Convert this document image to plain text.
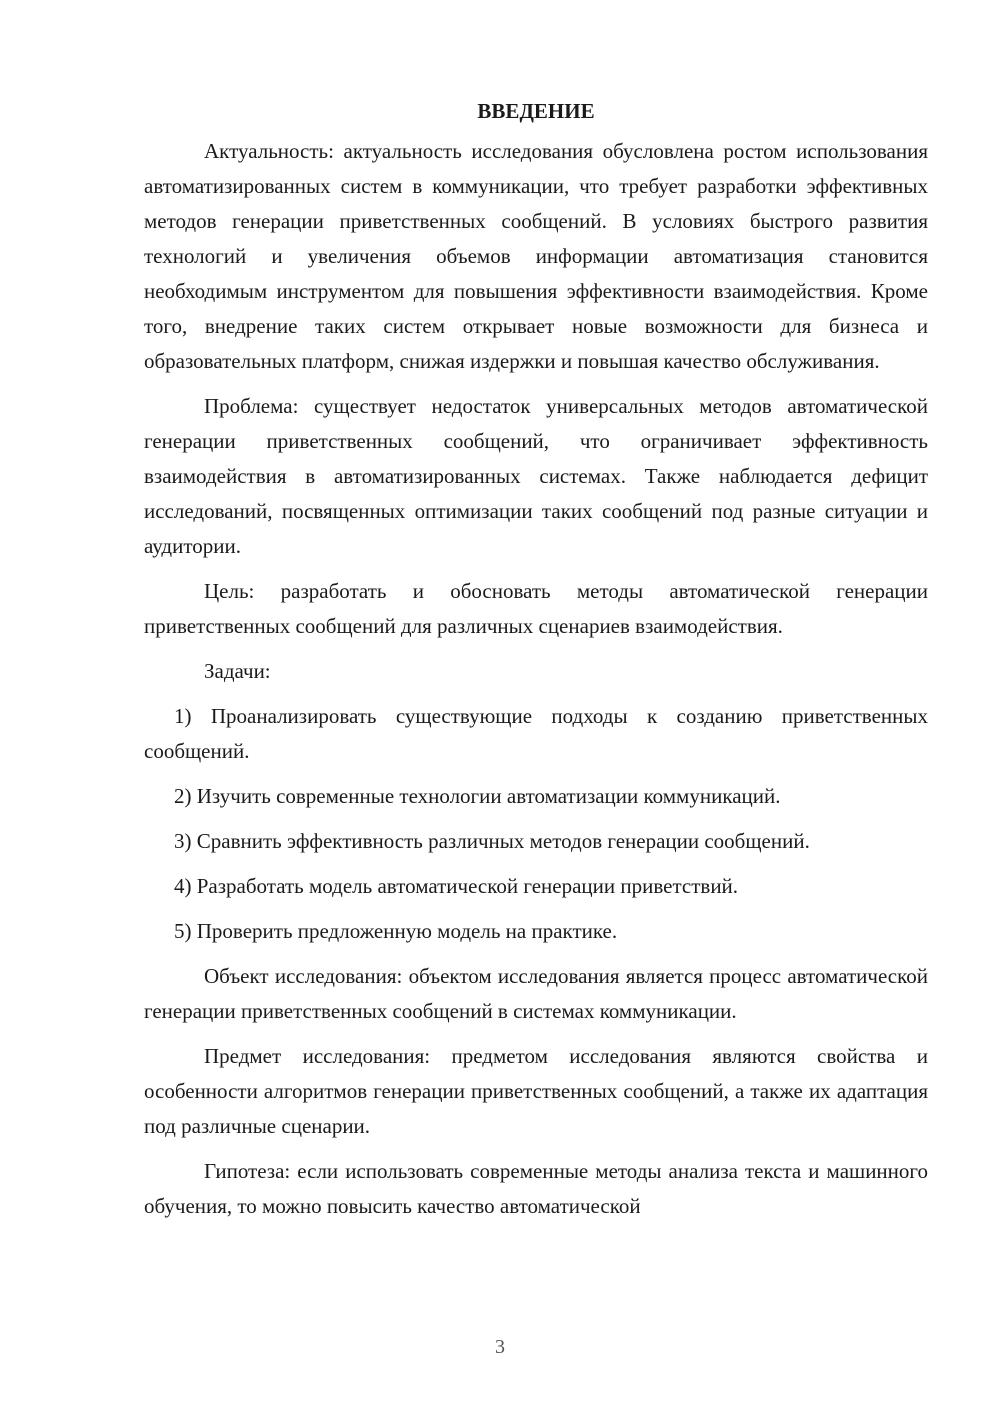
ВВЕДЕНИЕ

Актуальность: актуальность исследования обусловлена ростом использования автоматизированных систем в коммуникации, что требует разработки эффективных методов генерации приветственных сообщений. В условиях быстрого развития технологий и увеличения объемов информации автоматизация становится необходимым инструментом для повышения эффективности взаимодействия. Кроме того, внедрение таких систем открывает новые возможности для бизнеса и образовательных платформ, снижая издержки и повышая качество обслуживания.

Проблема: существует недостаток универсальных методов автоматической генерации приветственных сообщений, что ограничивает эффективность взаимодействия в автоматизированных системах. Также наблюдается дефицит исследований, посвященных оптимизации таких сообщений под разные ситуации и аудитории.

Цель: разработать и обосновать методы автоматической генерации приветственных сообщений для различных сценариев взаимодействия.

Задачи:

1) Проанализировать существующие подходы к созданию приветственных сообщений.

2) Изучить современные технологии автоматизации коммуникаций.

3) Сравнить эффективность различных методов генерации сообщений.

4) Разработать модель автоматической генерации приветствий.

5) Проверить предложенную модель на практике.

Объект исследования: объектом исследования является процесс автоматической генерации приветственных сообщений в системах коммуникации.

Предмет исследования: предметом исследования являются свойства и особенности алгоритмов генерации приветственных сообщений, а также их адаптация под различные сценарии.

Гипотеза: если использовать современные методы анализа текста и машинного обучения, то можно повысить качество автоматической

3
